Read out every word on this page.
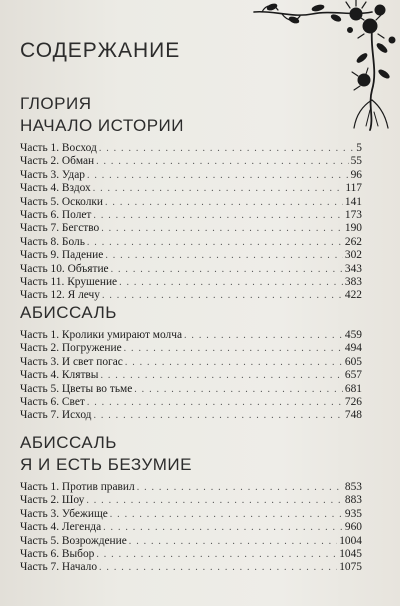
СОДЕРЖАНИЕ
ГЛОРИЯ
НАЧАЛО ИСТОРИИ
Часть 1. Восход . . .	5
Часть 2. Обман . . .	55
Часть 3. Удар . . .	96
Часть 4. Вздох . . .	117
Часть 5. Осколки . . .	141
Часть 6. Полет . . .	173
Часть 7. Бегство . . .	190
Часть 8. Боль . . .	262
Часть 9. Падение . . .	302
Часть 10. Объятие . . .	343
Часть 11. Крушение . . .	383
Часть 12. Я лечу . . .	422
АБИССАЛЬ
Часть 1. Кролики умирают молча . . .	459
Часть 2. Погружение . . .	494
Часть 3. И свет погас . . .	605
Часть 4. Клятвы . . .	657
Часть 5. Цветы во тьме . . .	681
Часть 6. Свет . . .	726
Часть 7. Исход . . .	748
АБИССАЛЬ
Я И ЕСТЬ БЕЗУМИЕ
Часть 1. Против правил . . .	853
Часть 2. Шоу . . .	883
Часть 3. Убежище . . .	935
Часть 4. Легенда . . .	960
Часть 5. Возрождение . . .	1004
Часть 6. Выбор . . .	1045
Часть 7. Начало . . .	1075
